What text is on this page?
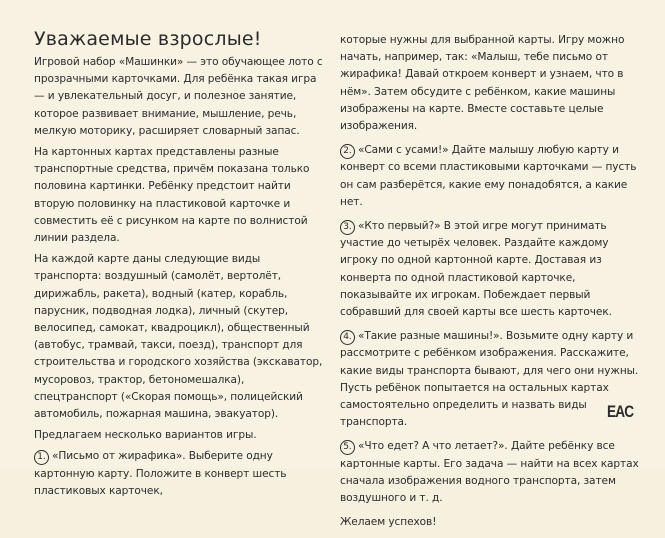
Уважаемые взрослые!

Игровой набор «Машинки» — это обучающее лото с прозрачными карточками. Для ребёнка такая игра — и увлекательный досуг, и полезное занятие, которое развивает внимание, мышление, речь, мелкую моторику, расширяет словарный запас.

На картонных картах представлены разные транспортные средства, причём показана только половина картинки. Ребёнку предстоит найти вторую половинку на пластиковой карточке и совместить её с рисунком на карте по волнистой линии раздела.

На каждой карте даны следующие виды транспорта: воздушный (самолёт, вертолёт, дирижабль, ракета), водный (катер, корабль, парусник, подводная лодка), личный (скутер, велосипед, самокат, квадроцикл), общественный (автобус, трамвай, такси, поезд), транспорт для строительства и городского хозяйства (экскаватор, мусоровоз, трактор, бетономешалка), спецтранспорт («Скорая помощь», полицейский автомобиль, пожарная машина, эвакуатор).

Предлагаем несколько вариантов игры.

1. «Письмо от жирафика». Выберите одну картонную карту. Положите в конверт шесть пластиковых карточек,

которые нужны для выбранной карты. Игру можно начать, например, так: «Малыш, тебе письмо от жирафика! Давай откроем конверт и узнаем, что в нём». Затем обсудите с ребёнком, какие машины изображены на карте. Вместе составьте целые изображения.

2. «Сами с усами!» Дайте малышу любую карту и конверт со всеми пластиковыми карточками — пусть он сам разберётся, какие ему понадобятся, а какие нет.

3. «Кто первый?» В этой игре могут принимать участие до четырёх человек. Раздайте каждому игроку по одной картонной карте. Доставая из конверта по одной пластиковой карточке, показывайте их игрокам. Побеждает первый собравший для своей карты все шесть карточек.

4. «Такие разные машины!». Возьмите одну карту и рассмотрите с ребёнком изображения. Расскажите, какие виды транспорта бывают, для чего они нужны. Пусть ребёнок попытается на остальных картах самостоятельно определить и назвать виды транспорта.

5. «Что едет? А что летает?». Дайте ребёнку все картонные карты. Его задача — найти на всех картах сначала изображения водного транспорта, затем воздушного и т. д.

Желаем успехов!

EAC
